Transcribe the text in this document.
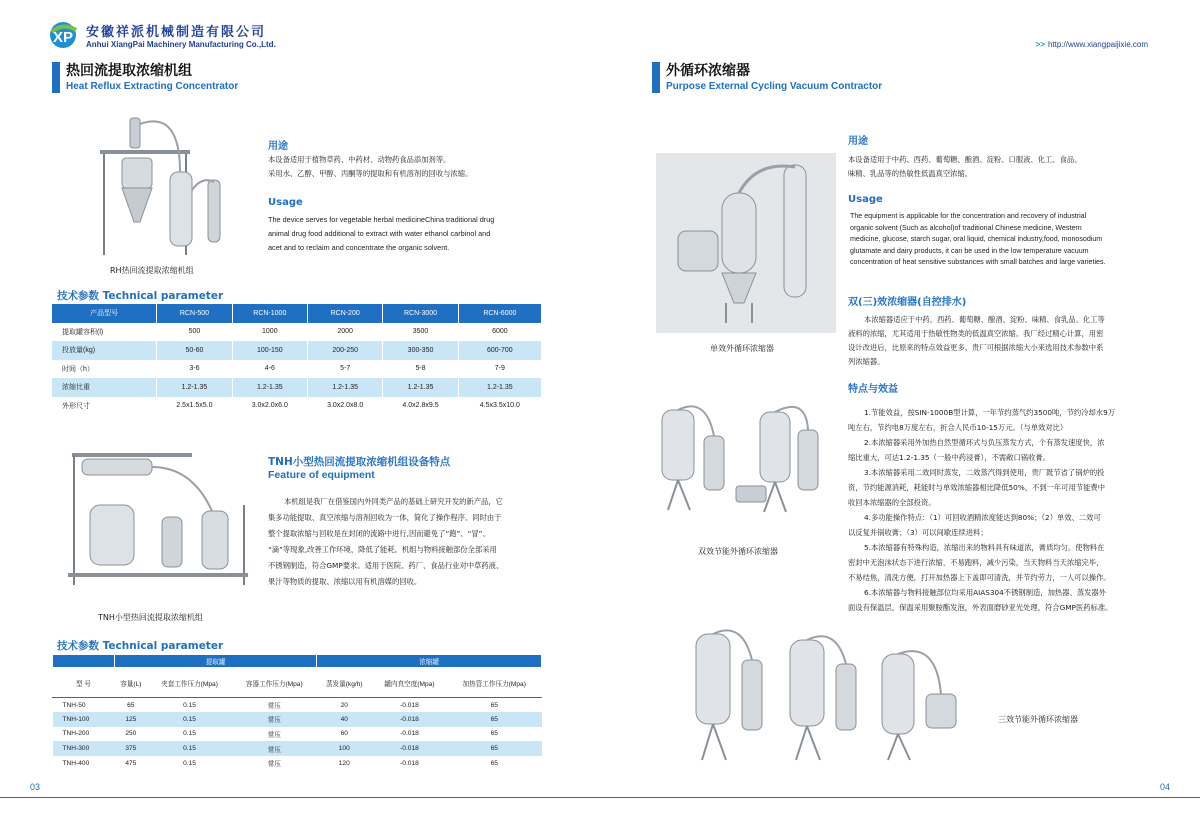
XP 安徽祥派机械制造有限公司
Anhui XiangPai Machinery Manufacturing Co.,Ltd.
热回流提取浓缩机组
Heat Reflux Extracting Concentrator
RH热回流提取浓缩机组
用途
本设备适用于植物草药、中药材、动物药食品添加剂等。
采用水、乙醇、甲醇、丙酮等的提取和有机溶剂的回收与浓缩。
Usage
The device serves for vegetable herbal medicineChina traditional drug
animal drug food additional to extract with water ethanol carbinol and
acet and to reclaim and concentrate the organic solvent.
技术参数 Technical parameter
产品型号	RCN-500	RCN-1000	RCN-200	RCN-3000	RCN-6000
提取罐容积(l)	500	1000	2000	3500	6000
投放量(kg)	50-60	100-150	200-250	300-350	600-700
时间（h）	3-6	4-6	5-7	5-8	7-9
浓缩比重	1.2-1.35	1.2-1.35	1.2-1.35	1.2-1.35	1.2-1.35
外形尺寸	2.5x1.5x5.0	3.0x2.0x6.0	3.0x2.0x8.0	4.0x2.8x9.5	4.5x3.5x10.0
TNH小型热回流提取浓缩机组
TNH小型热回流提取浓缩机组设备特点
Feature of equipment
本机组是我厂在借鉴国内外同类产品的基础上研究开发的新产品，它
集多功能提取、真空浓缩与溶剂回收为一体，简化了操作程序。同时由于
整个提取浓缩与回收是在封闭的流路中进行,因而避免了“跑”、“冒”、
“滴”等现象,改善工作环境，降低了能耗。机组与物料接触部份全部采用
不锈钢制造，符合GMP要求。适用于医院、药厂、食品行业对中草药液、
果汁等物质的提取、浓缩以用有机溶媒的回收。
技术参数 Technical parameter
	提取罐			浓缩罐		
型 号	容量(L)	夹套工作压力(Mpa)	容器工作压力(Mpa)	蒸发量(kg/h)	罐内真空度(Mpa)	加热管工作压力(Mpa)
TNH-50	65	0.15	常压	20	-0.018	65
TNH-100	125	0.15	常压	40	-0.018	65
TNH-200	250	0.15	常压	60	-0.018	65
TNH-300	375	0.15	常压	100	-0.018	65
TNH-400	475	0.15	常压	120	-0.018	65
03
>> http://www.xiangpaijixie.com
外循环浓缩器
Purpose External Cycling Vacuum Contractor
单效外循环浓缩器
用途
本设备适用于中药、西药、葡萄糖、酿酒、淀粉、口服液、化工、食品、
味精、乳品等的热敏性低温真空浓缩。
Usage
The equipment is applicable for the concentration and recovery of industrial
organic solvent (Such as alcohol)of traditional Chinese medicine, Western
medicine, glucose, starch sugar, oral liquid, chemical industry,food, monosodium
glutamate and dairy products, it can be used in the low temperature vacuum
concentration of heat sensitive substances with small batches and large varieties.
双(三)效浓缩器(自控排水)
本浓缩器适应于中药、西药、葡萄糖、酿酒、淀粉、味精、食乳品、化工等
液料的浓缩，尤其适用于热敏性物类的低温真空浓缩。我厂经过精心计算，用密
设计改进后，比原来的特点效益更多。贵厂可根据浓缩大小来选用技术参数中系
列浓缩器。
特点与效益
1.节能效益，按SIN-1000B型计算，一年节约蒸气约3500吨，节约冷却水9万
吨左右，节约电8万度左右，折合人民币10-15万元。（与单效对比）
2.本浓缩器采用外加热自然型循环式与负压蒸发方式，个有蒸发速度快，浓
缩比重大，可达1.2-1.35（一般中药浸膏），不需敞口锅收膏。
3.本浓缩器采用二效同时蒸发，二效蒸汽得到使用，贵厂既节省了锅炉的投
资，节约能源消耗，耗能时与单效浓缩器相比降低50%，不到一年可用节能费中
收回本浓缩器的全部投资。
4.多功能操作特点：（1）可回收酒精浓度能达到80%；（2）单效、二效可
以反复并锅收膏；（3）可以间歇连续进料；
5.本浓缩器有特殊构造，浓缩出来的物料具有味道浓，膏质均匀。使物料在
密封中无泡沫状态下进行浓缩，不易跑料，减少污染，当天物料当天浓缩完毕，
不易结焦，清洗方便，打开加热器上下盖即可清洗，并节约劳力，一人可以操作。
6.本浓缩器与物料接触部位均采用AIAS304不锈钢制造，加热器、蒸发器外
面设有保温层，保温采用聚胺酯发泡，外表面磨砂亚光处理，符合GMP医药标准。
双效节能外循环浓缩器
三效节能外循环浓缩器
04
